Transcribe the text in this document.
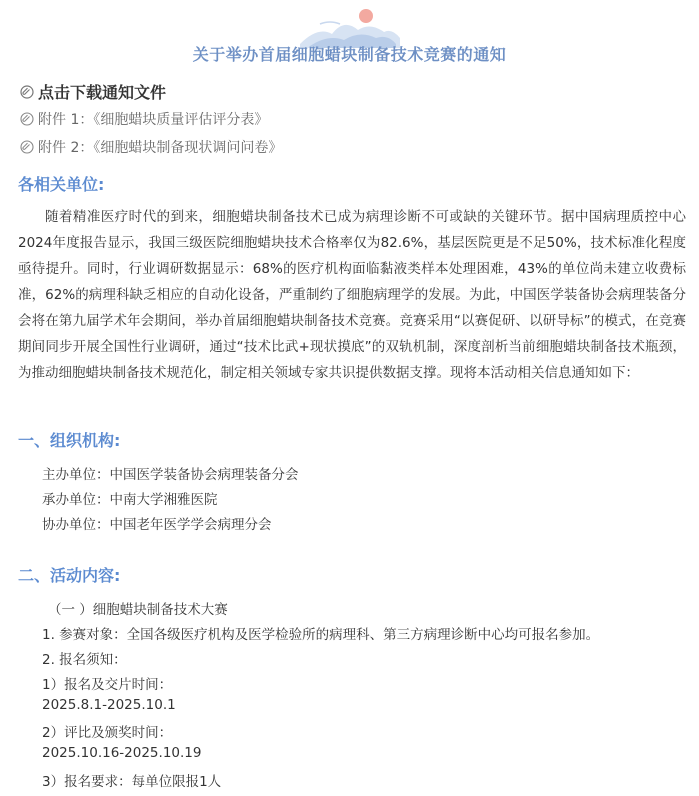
关于举办首届细胞蜡块制备技术竞赛的通知
点击下载通知文件
附件 1：《细胞蜡块质量评估评分表》
附件 2：《细胞蜡块制备现状调问问卷》
各相关单位:

随着精准医疗时代的到来，细胞蜡块制备技术已成为病理诊断不可或缺的关键环节。据中国病理质控中心2024年度报告显示，我国三级医院细胞蜡块技术合格率仅为82.6%，基层医院更是不足50%，技术标准化程度亟待提升。同时，行业调研数据显示：68%的医疗机构面临黏液类样本处理困难，43%的单位尚未建立收费标准，62%的病理科缺乏相应的自动化设备，严重制约了细胞病理学的发展。为此，中国医学装备协会病理装备分会将在第九届学术年会期间，举办首届细胞蜡块制备技术竞赛。竞赛采用“以赛促研、以研导标”的模式，在竞赛期间同步开展全国性行业调研，通过“技术比武+现状摸底”的双轨机制，深度剖析当前细胞蜡块制备技术瓶颈，为推动细胞蜡块制备技术规范化，制定相关领域专家共识提供数据支撑。现将本活动相关信息通知如下：

一、组织机构:
主办单位：中国医学装备协会病理装备分会
承办单位：中南大学湘雅医院
协办单位：中国老年医学学会病理分会
二、活动内容:
（一 ）细胞蜡块制备技术大赛
1. 参赛对象：全国各级医疗机构及医学检验所的病理科、第三方病理诊断中心均可报名参加。
2. 报名须知：
1）报名及交片时间：
2025.8.1-2025.10.1
2）评比及颁奖时间：
2025.10.16-2025.10.19
3）报名要求：每单位限报1人
